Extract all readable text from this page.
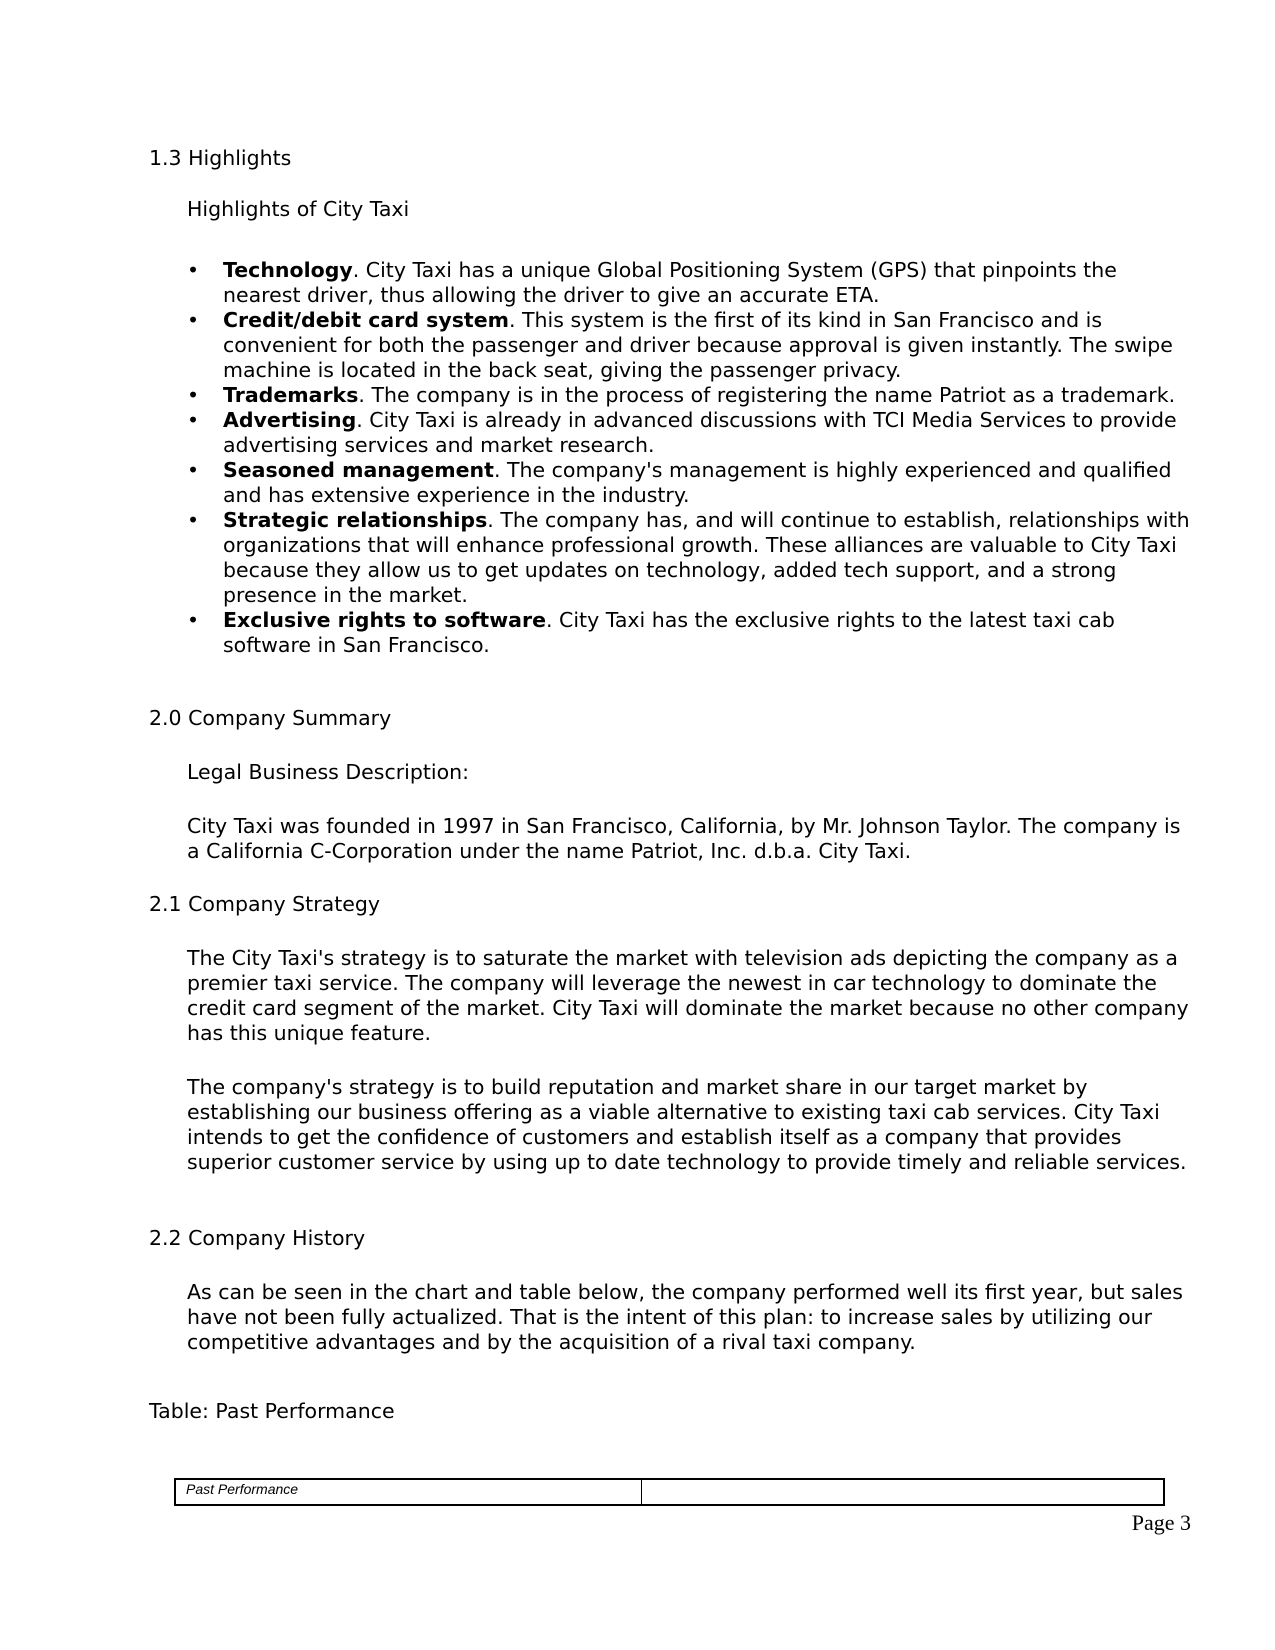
1.3 Highlights

Highlights of City Taxi

• Technology. City Taxi has a unique Global Positioning System (GPS) that pinpoints the nearest driver, thus allowing the driver to give an accurate ETA.
• Credit/debit card system. This system is the first of its kind in San Francisco and is convenient for both the passenger and driver because approval is given instantly. The swipe machine is located in the back seat, giving the passenger privacy.
• Trademarks. The company is in the process of registering the name Patriot as a trademark.
• Advertising. City Taxi is already in advanced discussions with TCI Media Services to provide advertising services and market research.
• Seasoned management. The company's management is highly experienced and qualified and has extensive experience in the industry.
• Strategic relationships. The company has, and will continue to establish, relationships with organizations that will enhance professional growth. These alliances are valuable to City Taxi because they allow us to get updates on technology, added tech support, and a strong presence in the market.
• Exclusive rights to software. City Taxi has the exclusive rights to the latest taxi cab software in San Francisco.

2.0 Company Summary

Legal Business Description:

City Taxi was founded in 1997 in San Francisco, California, by Mr. Johnson Taylor. The company is a California C-Corporation under the name Patriot, Inc. d.b.a. City Taxi.

2.1 Company Strategy

The City Taxi's strategy is to saturate the market with television ads depicting the company as a premier taxi service. The company will leverage the newest in car technology to dominate the credit card segment of the market. City Taxi will dominate the market because no other company has this unique feature.

The company's strategy is to build reputation and market share in our target market by establishing our business offering as a viable alternative to existing taxi cab services. City Taxi intends to get the confidence of customers and establish itself as a company that provides superior customer service by using up to date technology to provide timely and reliable services.

2.2 Company History

As can be seen in the chart and table below, the company performed well its first year, but sales have not been fully actualized. That is the intent of this plan: to increase sales by utilizing our competitive advantages and by the acquisition of a rival taxi company.

Table: Past Performance

Past Performance	

Page 3
